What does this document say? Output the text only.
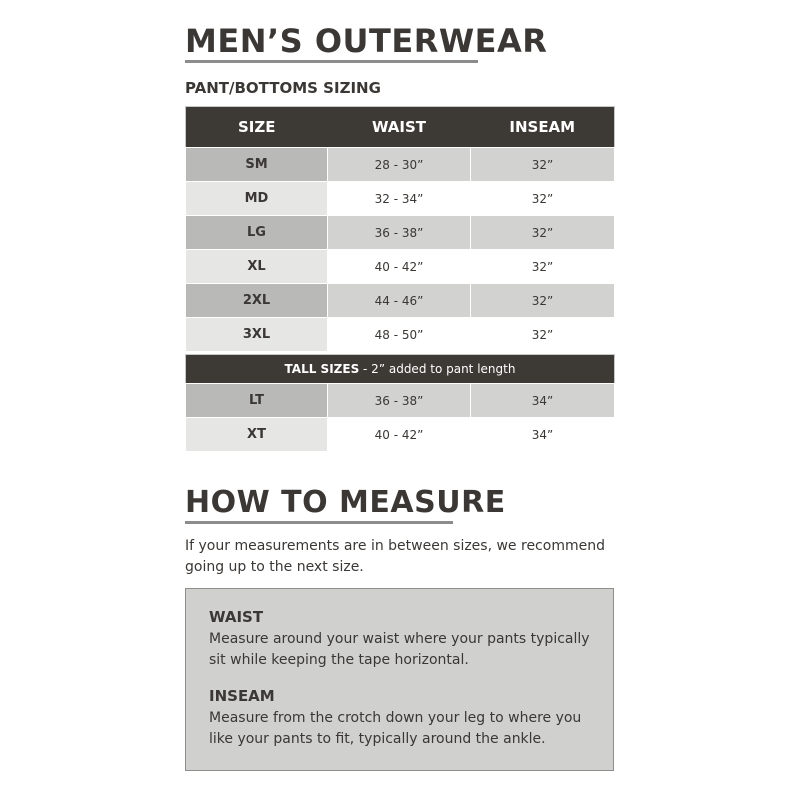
MEN’S OUTERWEAR
PANT/BOTTOMS SIZING
SIZE	WAIST	INSEAM
SM	28 - 30”	32”
MD	32 - 34”	32”
LG	36 - 38”	32”
XL	40 - 42”	32”
2XL	44 - 46”	32”
3XL	48 - 50”	32”
TALL SIZES - 2” added to pant length		
LT	36 - 38”	34”
XT	40 - 42”	34”
HOW TO MEASURE
If your measurements are in between sizes, we recommend going up to the next size.
WAIST
Measure around your waist where your pants typically sit while keeping the tape horizontal.
INSEAM
Measure from the crotch down your leg to where you like your pants to fit, typically around the ankle.
